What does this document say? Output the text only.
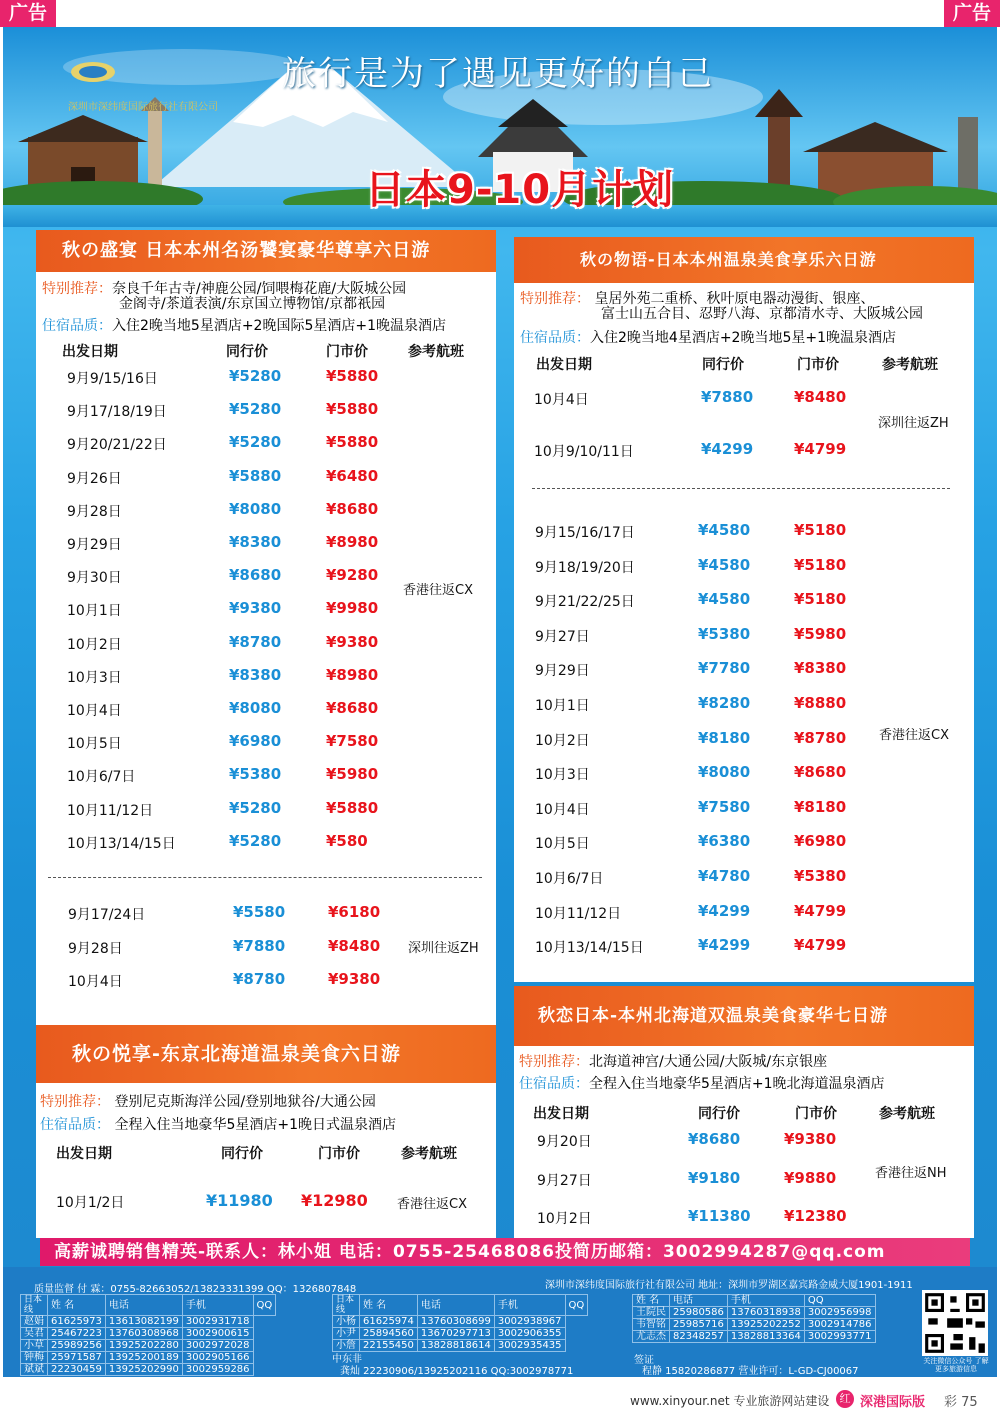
广告	广告
深圳市深纬度国际旅行社有限公司
旅行是为了遇见更好的自己
日本9-10月计划
秋の盛宴 日本本州名汤饕宴豪华尊享六日游
特别推荐：奈良千年古寺/神鹿公园/饲喂梅花鹿/大阪城公园
金阁寺/茶道表演/东京国立博物馆/京都祇园
住宿品质：入住2晚当地5星酒店+2晚国际5星酒店+1晚温泉酒店
出发日期	同行价	门市价	参考航班
9月9/15/16日	¥5280	¥5880
9月17/18/19日	¥5280	¥5880
9月20/21/22日	¥5280	¥5880
9月26日	¥5880	¥6480
9月28日	¥8080	¥8680
9月29日	¥8380	¥8980
9月30日	¥8680	¥9280
10月1日	¥9380	¥9980
10月2日	¥8780	¥9380
10月3日	¥8380	¥8980
10月4日	¥8080	¥8680
10月5日	¥6980	¥7580
10月6/7日	¥5380	¥5980
10月11/12日	¥5280	¥5880
10月13/14/15日	¥5280	¥580
香港往返CX
9月17/24日	¥5580	¥6180
9月28日	¥7880	¥8480
10月4日	¥8780	¥9380
深圳往返ZH
秋の悦享-东京北海道温泉美食六日游
特别推荐： 登别尼克斯海洋公园/登别地狱谷/大通公园
住宿品质： 全程入住当地豪华5星酒店+1晚日式温泉酒店
出发日期	同行价	门市价	参考航班
10月1/2日	¥11980 ¥12980 香港往返CX
秋の物语-日本本州温泉美食享乐六日游
特别推荐： 皇居外苑二重桥、秋叶原电器动漫街、银座、
富士山五合目、忍野八海、京都清水寺、大阪城公园
住宿品质：入住2晚当地4星酒店+2晚当地5星+1晚温泉酒店
出发日期	同行价	门市价	参考航班
10月4日	¥7880	¥8480
10月9/10/11日	¥4299	¥4799
深圳往返ZH
9月15/16/17日	¥4580	¥5180
9月18/19/20日	¥4580	¥5180
9月21/22/25日	¥4580	¥5180
9月27日	¥5380	¥5980
9月29日	¥7780	¥8380
10月1日	¥8280	¥8880
10月2日	¥8180	¥8780
10月3日	¥8080	¥8680
10月4日	¥7580	¥8180
10月5日	¥6380	¥6980
10月6/7日	¥4780	¥5380
10月11/12日	¥4299	¥4799
10月13/14/15日	¥4299	¥4799
香港往返CX
秋恋日本-本州北海道双温泉美食豪华七日游
特别推荐：北海道神宫/大通公园/大阪城/东京银座
住宿品质：全程入住当地豪华5星酒店+1晚北海道温泉酒店
出发日期	同行价	门市价	参考航班
9月20日	¥8680	¥9380
9月27日	¥9180	¥9880
10月2日	¥11380 ¥12380
香港往返NH
高薪诚聘销售精英-联系人：林小姐 电话：0755-25468086投简历邮箱：3002994287@qq.com
质量监督 付 霖：0755-82663052/13823331399 QQ：1326807848	深圳市深纬度国际旅行社有限公司 地址：深圳市罗湖区嘉宾路金威大厦1901-1911
日本线	姓 名	电话	手机	QQ
赵娟	61625973	13613082199	3002931718	
吴君	25467223	13760308968	3002900615	
小草	25989256	13925202280	3002972028	
钟梅	25971587	13925200189	3002905166	
斌斌	22230459	13925202990	3002959286	
日本线	姓 名	电话	手机	QQ
小杨	61625974	13760308699	3002938967	
小尹	25894560	13670297713	3002906355	
小詹	22155450	13828818614	3002935435	
中东非
龚灿 22230906/13925202116 QQ:3002978771
姓 名	电话	手机	QQ
王院民	25980586	13760318938	3002956998
韦智铭	25985716	13925202252	3002914786
尤志杰	82348257	13828813364	3002993771
签证
程静 15820286877 营业许可：L-GD-CJ00067
关注微信公众号 了解更多旅游信息
www.xinyour.net 专业旅游网站建设 红 深港国际版 彩 75
